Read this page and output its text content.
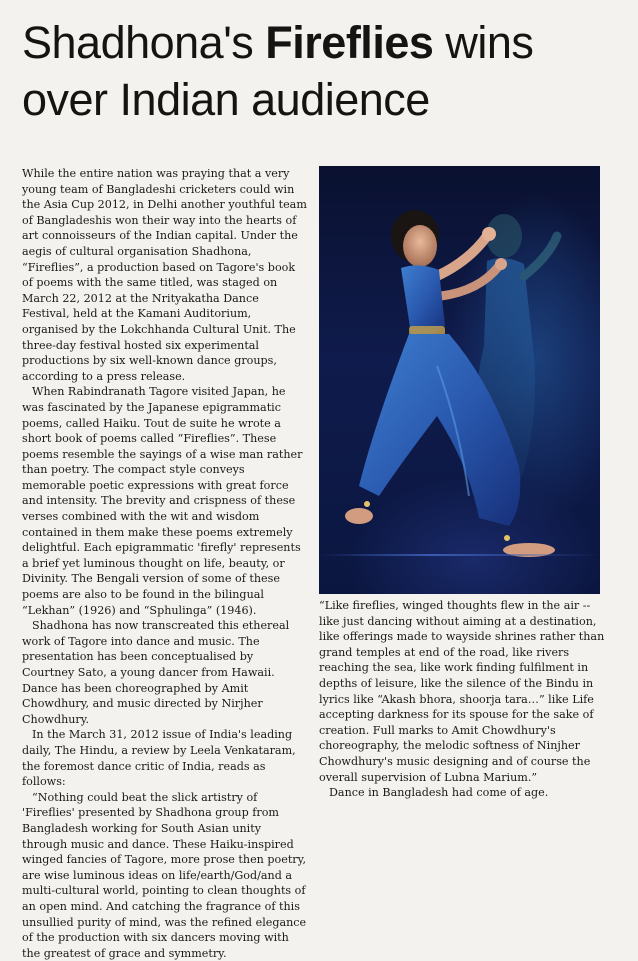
Shadhona's Fireflies wins
over Indian audience

While the entire nation was praying that a very young team of Bangladeshi cricketers could win the Asia Cup 2012, in Delhi another youthful team of Bangladeshis won their way into the hearts of art connoisseurs of the Indian capital. Under the aegis of cultural organisation Shadhona, “Fireflies”, a production based on Tagore's book of poems with the same titled, was staged on March 22, 2012 at the Nrityakatha Dance Festival, held at the Kamani Auditorium, organised by the Lokchhanda Cultural Unit. The three-day festival hosted six experimental productions by six well-known dance groups, according to a press release.

When Rabindranath Tagore visited Japan, he was fascinated by the Japanese epigrammatic poems, called Haiku. Tout de suite he wrote a short book of poems called “Fireflies”. These poems resemble the sayings of a wise man rather than poetry. The compact style conveys memorable poetic expressions with great force and intensity. The brevity and crispness of these verses combined with the wit and wisdom contained in them make these poems extremely delightful. Each epigrammatic 'firefly' represents a brief yet luminous thought on life, beauty, or Divinity. The Bengali version of some of these poems are also to be found in the bilingual “Lekhan” (1926) and “Sphulinga” (1946).

Shadhona has now transcreated this ethereal work of Tagore into dance and music. The presentation has been conceptualised by Courtney Sato, a young dancer from Hawaii. Dance has been choreographed by Amit Chowdhury, and music directed by Nirjher Chowdhury.

In the March 31, 2012 issue of India's leading daily, The Hindu, a review by Leela Venkataram, the foremost dance critic of India, reads as follows:

“Nothing could beat the slick artistry of 'Fireflies' presented by Shadhona group from Bangladesh working for South Asian unity through music and dance. These Haiku-inspired winged fancies of Tagore, more prose then poetry, are wise luminous ideas on life/earth/God/and a multi-cultural world, pointing to clean thoughts of an open mind. And catching the fragrance of this unsullied purity of mind, was the refined elegance of the production with six dancers moving with the greatest of grace and symmetry.

“Like fireflies, winged thoughts flew in the air -- like just dancing without aiming at a destination, like offerings made to wayside shrines rather than grand temples at end of the road, like rivers reaching the sea, like work finding fulfilment in depths of leisure, like the silence of the Bindu in lyrics like “Akash bhora, shoorja tara…” like Life accepting darkness for its spouse for the sake of creation. Full marks to Amit Chowdhury's choreography, the melodic softness of Ninjher Chowdhury's music designing and of course the overall supervision of Lubna Marium.”

Dance in Bangladesh had come of age.
